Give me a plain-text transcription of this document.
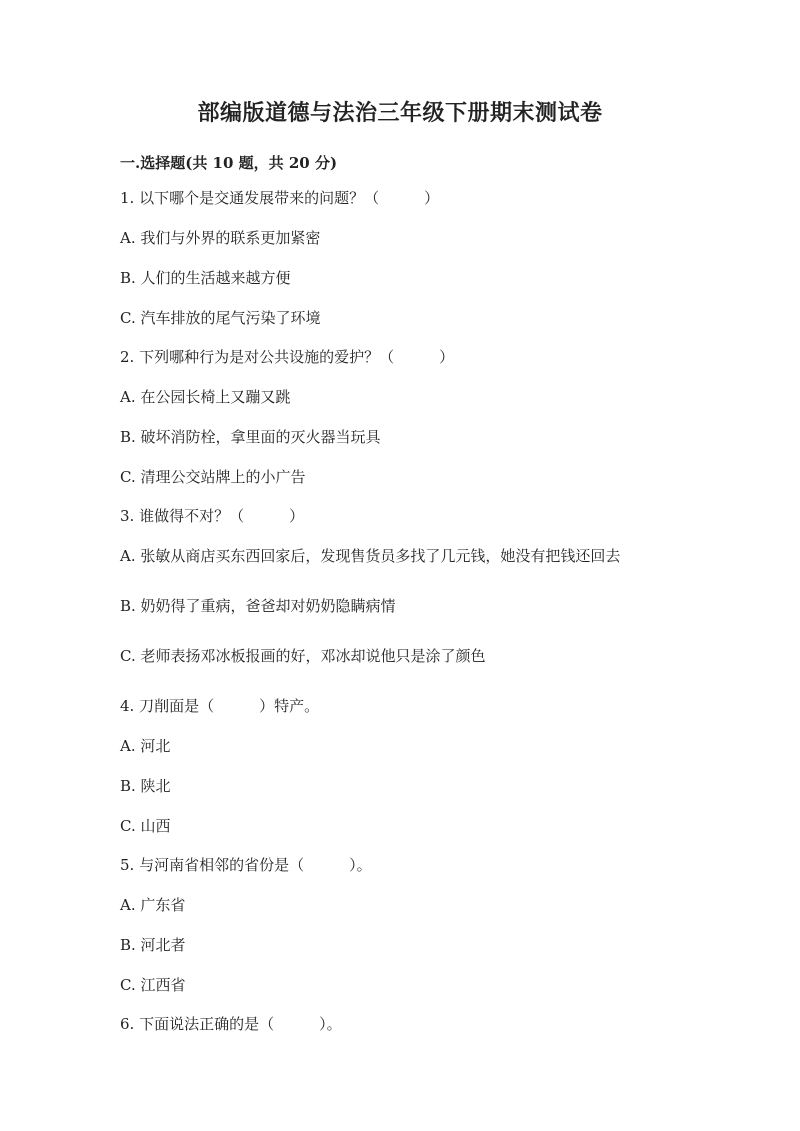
部编版道德与法治三年级下册期末测试卷
一.选择题(共 10 题，共 20 分)
1. 以下哪个是交通发展带来的问题？（　　　）
A. 我们与外界的联系更加紧密
B. 人们的生活越来越方便
C. 汽车排放的尾气污染了环境
2. 下列哪种行为是对公共设施的爱护？（　　　）
A. 在公园长椅上又蹦又跳
B. 破坏消防栓，拿里面的灭火器当玩具
C. 清理公交站牌上的小广告
3. 谁做得不对？（　　　）
A. 张敏从商店买东西回家后，发现售货员多找了几元钱，她没有把钱还回去
B. 奶奶得了重病，爸爸却对奶奶隐瞒病情
C. 老师表扬邓冰板报画的好，邓冰却说他只是涂了颜色
4. 刀削面是（　　　）特产。
A. 河北
B. 陕北
C. 山西
5. 与河南省相邻的省份是（　　　）。
A. 广东省
B. 河北者
C. 江西省
6. 下面说法正确的是（　　　）。
